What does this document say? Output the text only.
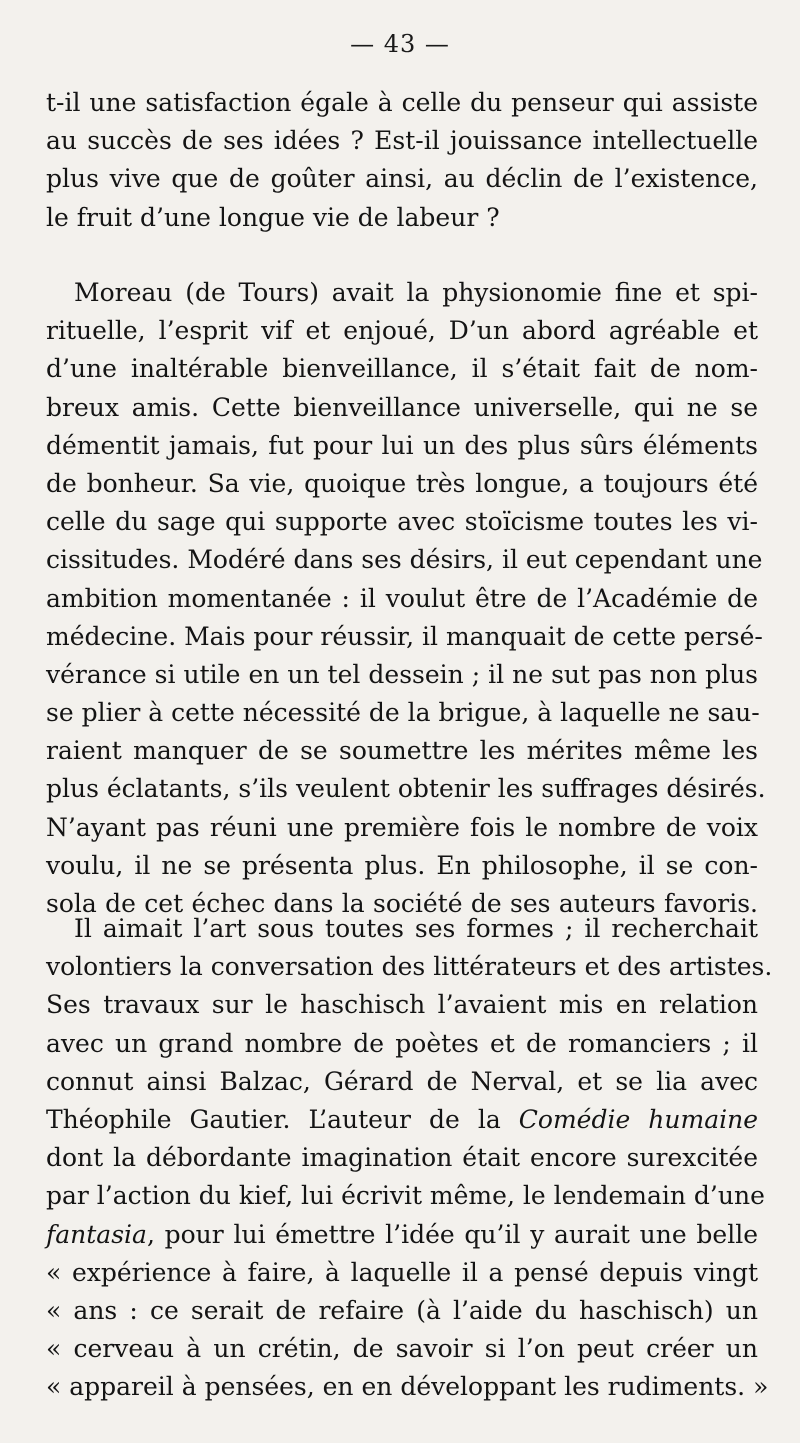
— 43 —
t-il une satisfaction égale à celle du penseur qui assiste
au succès de ses idées ? Est-il jouissance intellectuelle
plus vive que de goûter ainsi, au déclin de l’existence,
le fruit d’une longue vie de labeur ?
Moreau (de Tours) avait la physionomie fine et spi-
rituelle, l’esprit vif et enjoué, D’un abord agréable et
d’une inaltérable bienveillance, il s’était fait de nom-
breux amis. Cette bienveillance universelle, qui ne se
démentit jamais, fut pour lui un des plus sûrs éléments
de bonheur. Sa vie, quoique très longue, a toujours été
celle du sage qui supporte avec stoïcisme toutes les vi-
cissitudes. Modéré dans ses désirs, il eut cependant une
ambition momentanée : il voulut être de l’Académie de
médecine. Mais pour réussir, il manquait de cette persé-
vérance si utile en un tel dessein ; il ne sut pas non plus
se plier à cette nécessité de la brigue, à laquelle ne sau-
raient manquer de se soumettre les mérites même les
plus éclatants, s’ils veulent obtenir les suffrages désirés.
N’ayant pas réuni une première fois le nombre de voix
voulu, il ne se présenta plus. En philosophe, il se con-
sola de cet échec dans la société de ses auteurs favoris.
Il aimait l’art sous toutes ses formes ; il recherchait
volontiers la conversation des littérateurs et des artistes.
Ses travaux sur le haschisch l’avaient mis en relation
avec un grand nombre de poètes et de romanciers ; il
connut ainsi Balzac, Gérard de Nerval, et se lia avec
Théophile Gautier. L’auteur de la Comédie humaine
dont la débordante imagination était encore surexcitée
par l’action du kief, lui écrivit même, le lendemain d’une
fantasia, pour lui émettre l’idée qu’il y aurait une belle
« expérience à faire, à laquelle il a pensé depuis vingt
« ans : ce serait de refaire (à l’aide du haschisch) un
« cerveau à un crétin, de savoir si l’on peut créer un
« appareil à pensées, en en développant les rudiments. »
